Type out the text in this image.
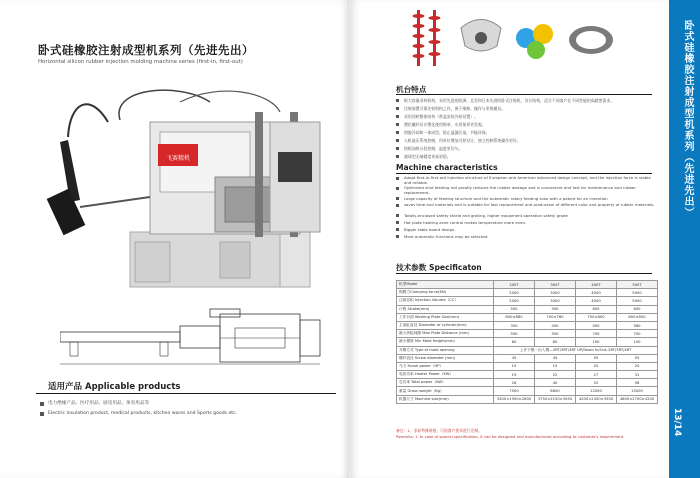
卧式硅橡胶注射成型机系列（先进先出）
Horizontal silicon rubber injection molding machine series (first-in, first-out)
飞赛精机
适用产品 Applicable products
电力绝缘产品、医疗用品、厨房用品、体育用品等
Electric insulation product, medical products, kitchen wares and Sports goods etc.
卧式硅橡胶注射成型机系列（先进先出）
13/14
机台特点
极大容量采料机构，采用先进的欧洲、北美和日本先进的卧式注射机，设计结构，适合不同客户在不同性能的高精密需求。
注射前置可靠注射机构之作，便于维修、操作与更换模具。
采用回转整体结构（带盖安装冷却设置）。
塑化螺杆设计塑化使用简单、实用保养更美观。
熔胶冷却和一体成型，防止溢漏污染，节能环保。
人机液压系统控制，用单位增加可控设计，独立控制系统操作更好。
热板加热分段控制，温度更均匀。
滚球型无端精度更高更稳。
Machine characteristics
Adopt first-in-first-out injection structure of European and American advanced design concept, and the injection force is stable and reliable.
Optimized shot feeding rod greatly reduces the rubber leakage and is convenient and fast for maintenance and rubber replacement.
Large capacity of feeding structure and the automatic rotary feeding tube with a patent for an invention
saves time and materials and is suitable for fast replacement and production of different color and property of rubber materials.
Totally-enclosed safety shield and grating, higher equipment operation safety grade
Hot plate heating zone control makes temperature more even.
Bigger table board design.
More automatic functions may be selected.
技术参数 Specificaton
机型Model	200T	300T	400T	500T
锁模力Clamping force(KN)	2000	3000	4000	5000
注射容积 Injection Volume（CC）	2000	3000	4000	5000
行程 Stroke(mm)	500	500	600	600
工作台面 Working Plate Size(mm)	600×680	700×760	750×800	800×850
主油缸直径 Diameter of cylinder(mm)	350	450	500	560
最大热板间隙 Max Plate Distance (mm)	550	550	700	700
最小模厚 Min Mold Height(mm)	60	80	100	100
开模方式 Type of mold opening	上开下模一出入模—2RT/3RT/4RT UP/Down In/Out–2RT/3RT/4RT			
螺杆直径 Screw diameter (mm)	45	45	55	55
马力 Horse power（HP）	15	15	20	20
电热功率 Heater Power（KW）	19	22	27	31
总功率 Total power（KW）	26	40	52	58
重量 Gross weight（Kg）	7500	8600	12000	15000
机器尺寸 Machine size(mm)	3400×1950×2800	3750×2150×3050	4200×2450×3500	4600×2700×4200
备注：1、非标特殊规格，可依客户要求进行定制。
Remarks: 1. In case of special specification, it can be designed and manufactured according to customer's requirement.
